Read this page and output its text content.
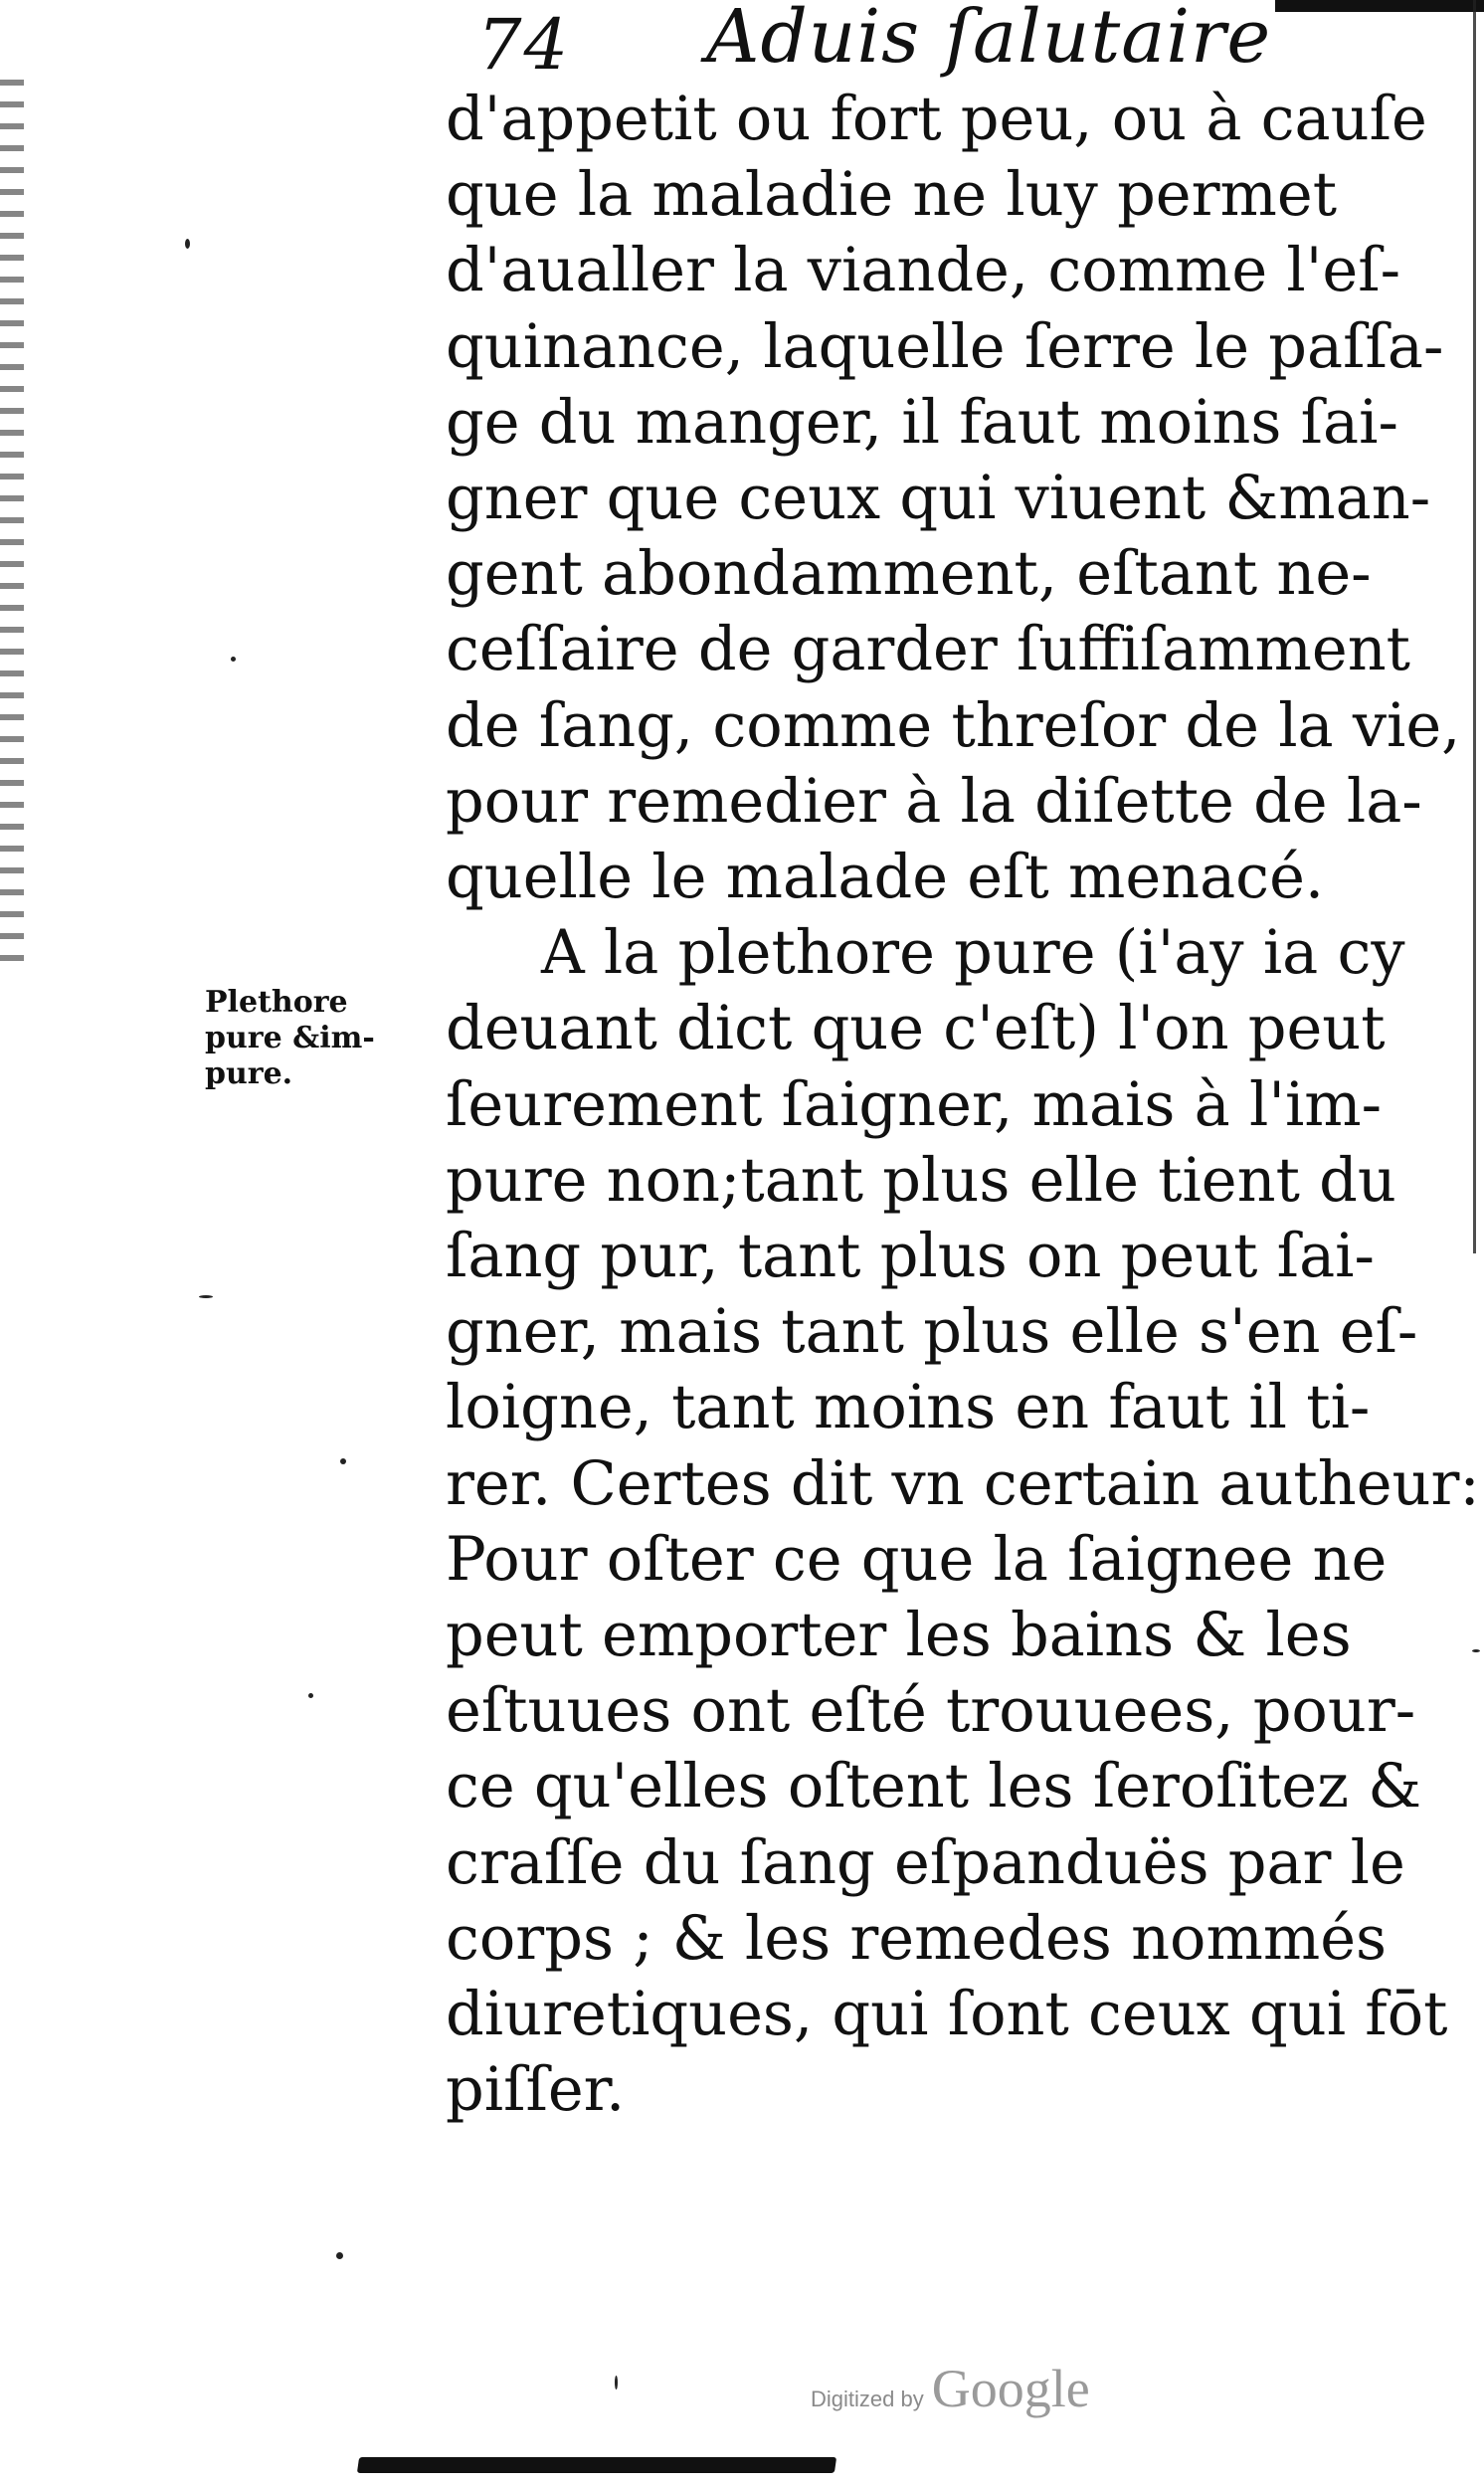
74 Aduis ſalutaire
Plethore
pure &im-
pure.

d'appetit ou fort peu, ou à cauſe
que la maladie ne luy permet
d'aualler la viande, comme l'eſ-
quinance, laquelle ſerre le paſſa-
ge du manger, il faut moins ſai-
gner que ceux qui viuent &man-
gent abondamment, eſtant ne-
ceſſaire de garder ſuffiſamment
de ſang, comme threſor de la vie,
pour remedier à la diſette de la-
quelle le malade eſt menacé.

A la plethore pure (i'ay ia cy
deuant dict que c'eſt) l'on peut
ſeurement ſaigner, mais à l'im-
pure non;tant plus elle tient du
ſang pur, tant plus on peut ſai-
gner, mais tant plus elle s'en eſ-
loigne, tant moins en faut il ti-
rer. Certes dit vn certain autheur:
Pour oſter ce que la ſaignee ne
peut emporter les bains & les
eſtuues ont eſté trouuees, pour-
ce qu'elles oſtent les ſeroſitez &
craſſe du ſang eſpanduës par le
corps ; & les remedes nommés
diuretiques, qui ſont ceux qui fōt
piſſer.

Digitized by Google
